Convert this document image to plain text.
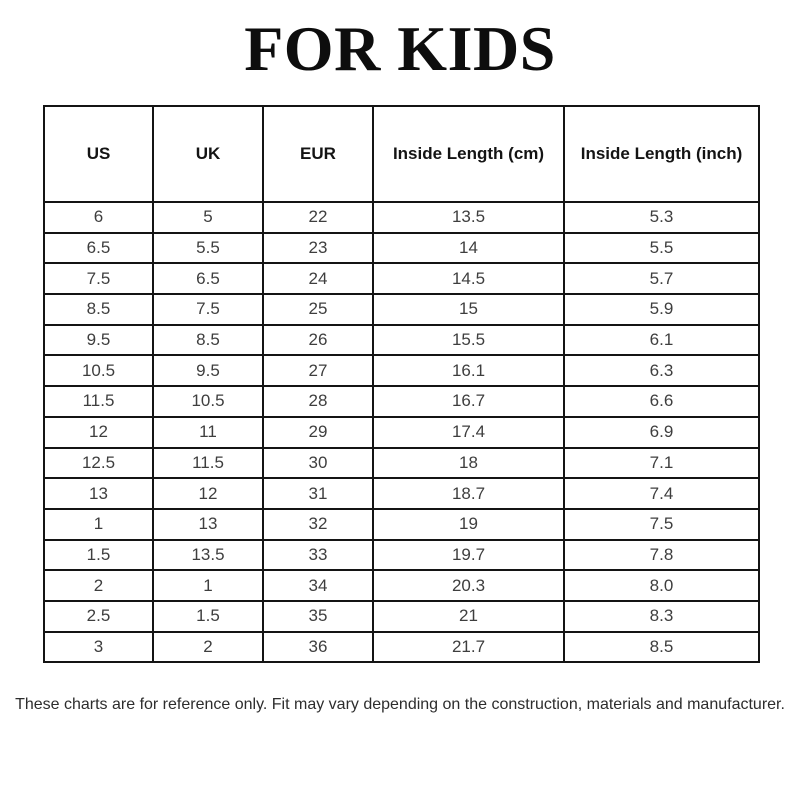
FOR KIDS
US	UK	EUR	Inside Length (cm)	Inside Length (inch)
6	5	22	13.5	5.3
6.5	5.5	23	14	5.5
7.5	6.5	24	14.5	5.7
8.5	7.5	25	15	5.9
9.5	8.5	26	15.5	6.1
10.5	9.5	27	16.1	6.3
11.5	10.5	28	16.7	6.6
12	11	29	17.4	6.9
12.5	11.5	30	18	7.1
13	12	31	18.7	7.4
1	13	32	19	7.5
1.5	13.5	33	19.7	7.8
2	1	34	20.3	8.0
2.5	1.5	35	21	8.3
3	2	36	21.7	8.5

These charts are for reference only. Fit may vary depending on the construction, materials and manufacturer.
